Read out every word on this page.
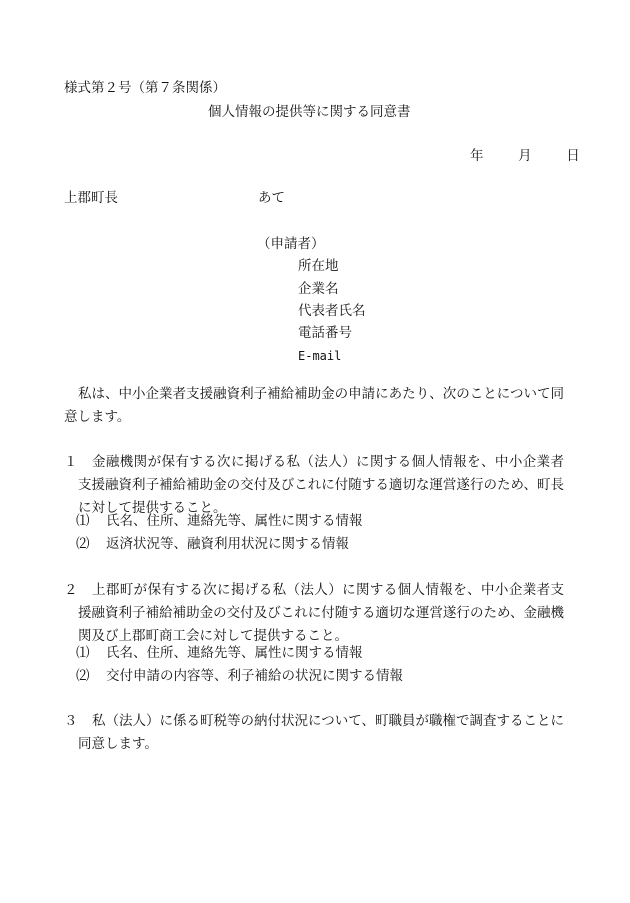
様式第２号（第７条関係）
個人情報の提供等に関する同意書
年	月	日
上郡町長	あて
（申請者）
所在地
企業名
代表者氏名
電話番号
E-mail
私は、中小企業者支援融資利子補給補助金の申請にあたり、次のことについて同意します。
１	金融機関が保有する次に掲げる私（法人）に関する個人情報を、中小企業者支援融資利子補給補助金の交付及びこれに付随する適切な運営遂行のため、町長に対して提供すること。
⑴ 氏名、住所、連絡先等、属性に関する情報
⑵ 返済状況等、融資利用状況に関する情報
２	上郡町が保有する次に掲げる私（法人）に関する個人情報を、中小企業者支援融資利子補給補助金の交付及びこれに付随する適切な運営遂行のため、金融機関及び上郡町商工会に対して提供すること。
⑴ 氏名、住所、連絡先等、属性に関する情報
⑵ 交付申請の内容等、利子補給の状況に関する情報
３	私（法人）に係る町税等の納付状況について、町職員が職権で調査することに同意します。
